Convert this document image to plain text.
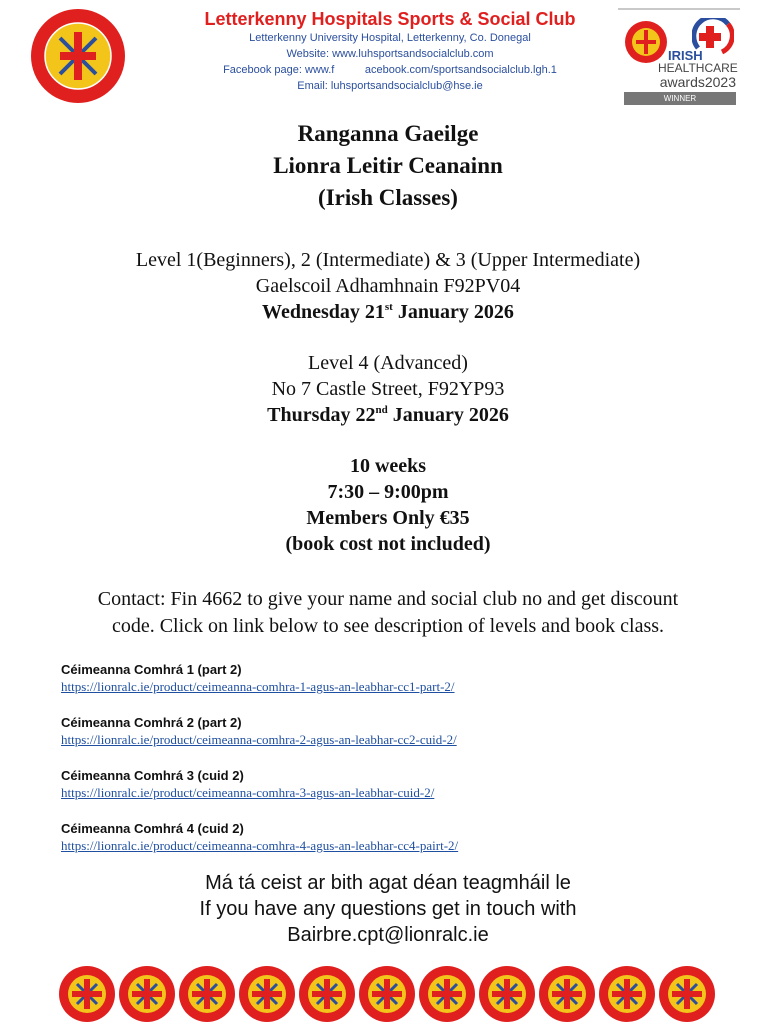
Letterkenny Hospitals Sports & Social Club
Letterkenny University Hospital, Letterkenny, Co. Donegal
Website: www.luhsportsandsocialclub.com
Facebook page: www.f          acebook.com/sportsandsocialclub.lgh.1
Email: luhsportsandsocialclub@hse.ie
IRISH
HEALTHCARE
awards2023
WINNER
Ranganna Gaeilge
Lionra Leitir Ceanainn
(Irish Classes)
Level 1(Beginners), 2 (Intermediate) & 3 (Upper Intermediate)
Gaelscoil Adhamhnain F92PV04
Wednesday 21st January 2026
Level 4 (Advanced)
No 7 Castle Street, F92YP93
Thursday 22nd January 2026
10 weeks
7:30 – 9:00pm
Members Only €35
(book cost not included)
Contact: Fin 4662 to give your name and social club no and get discount
code. Click on link below to see description of levels and book class.
Céimeanna Comhrá 1 (part 2)
https://lionralc.ie/product/ceimeanna-comhra-1-agus-an-leabhar-cc1-part-2/
Céimeanna Comhrá 2 (part 2)
https://lionralc.ie/product/ceimeanna-comhra-2-agus-an-leabhar-cc2-cuid-2/
Céimeanna Comhrá 3 (cuid 2)
https://lionralc.ie/product/ceimeanna-comhra-3-agus-an-leabhar-cuid-2/
Céimeanna Comhrá 4 (cuid 2)
https://lionralc.ie/product/ceimeanna-comhra-4-agus-an-leabhar-cc4-pairt-2/
Má tá ceist ar bith agat déan teagmháil le
If you have any questions get in touch with
Bairbre.cpt@lionralc.ie
